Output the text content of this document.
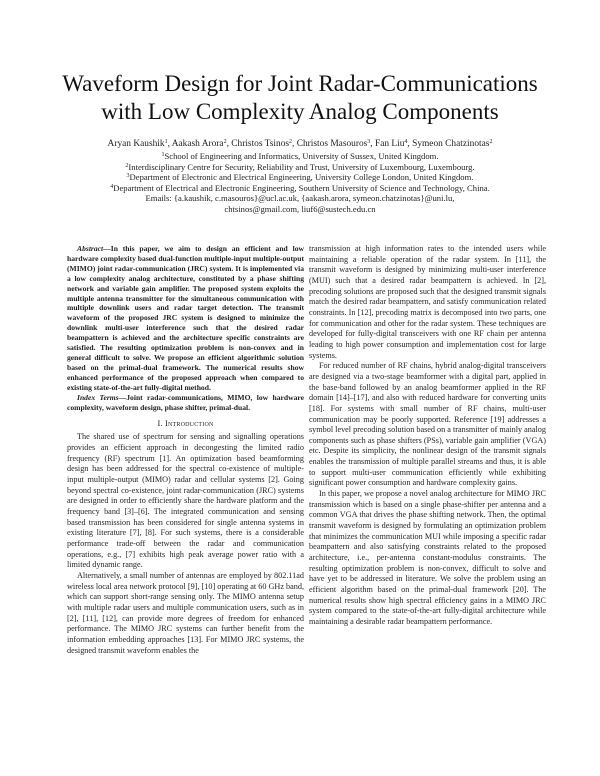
Waveform Design for Joint Radar-Communications
with Low Complexity Analog Components
Aryan Kaushik$^1$, Aakash Arora$^2$, Christos Tsinos$^2$, Christos Masouros$^3$, Fan Liu$^4$, Symeon Chatzinotas$^2$
$^1$School of Engineering and Informatics, University of Sussex, United Kingdom.
$^2$Interdisciplinary Centre for Security, Reliability and Trust, University of Luxembourg, Luxembourg.
$^3$Department of Electronic and Electrical Engineering, University College London, United Kingdom.
$^4$Department of Electrical and Electronic Engineering, Southern University of Science and Technology, China.
Emails: {a.kaushik, c.masouros}@ucl.ac.uk, {aakash.arora, symeon.chatzinotas}@uni.lu,
chtsinos@gmail.com, liuf6@sustech.edu.cn

Abstract—In this paper, we aim to design an efficient and low hardware complexity based dual-function multiple-input multiple-output (MIMO) joint radar-communication (JRC) system. It is implemented via a low complexity analog architecture, constituted by a phase shifting network and variable gain amplifier. The proposed system exploits the multiple antenna transmitter for the simultaneous communication with multiple downlink users and radar target detection. The transmit waveform of the proposed JRC system is designed to minimize the downlink multi-user interference such that the desired radar beampattern is achieved and the architecture specific constraints are satisfied. The resulting optimization problem is non-convex and in general difficult to solve. We propose an efficient algorithmic solution based on the primal-dual framework. The numerical results show enhanced performance of the proposed approach when compared to existing state-of-the-art fully-digital method.

Index Terms—Joint radar-communications, MIMO, low hardware complexity, waveform design, phase shifter, primal-dual.

I. Introduction

The shared use of spectrum for sensing and signalling operations provides an efficient approach in decongesting the limited radio frequency (RF) spectrum [1]. An optimization based beamforming design has been addressed for the spectral co-existence of multiple-input multiple-output (MIMO) radar and cellular systems [2]. Going beyond spectral co-existence, joint radar-communication (JRC) systems are designed in order to efficiently share the hardware platform and the frequency band [3]–[6]. The integrated communication and sensing based transmission has been considered for single antenna systems in existing literature [7], [8]. For such systems, there is a considerable performance trade-off between the radar and communication operations, e.g., [7] exhibits high peak average power ratio with a limited dynamic range.

Alternatively, a small number of antennas are employed by 802.11ad wireless local area network protocol [9], [10] operating at 60 GHz band, which can support short-range sensing only. The MIMO antenna setup with multiple radar users and multiple communication users, such as in [2], [11], [12], can provide more degrees of freedom for enhanced performance. The MIMO JRC systems can further benefit from the information embedding approaches [13]. For MIMO JRC systems, the designed transmit waveform enables the

transmission at high information rates to the intended users while maintaining a reliable operation of the radar system. In [11], the transmit waveform is designed by minimizing multi-user interference (MUI) such that a desired radar beampattern is achieved. In [2], precoding solutions are proposed such that the designed transmit signals match the desired radar beampattern, and satisfy communication related constraints. In [12], precoding matrix is decomposed into two parts, one for communication and other for the radar system. These techniques are developed for fully-digital transceivers with one RF chain per antenna leading to high power consumption and implementation cost for large systems.

For reduced number of RF chains, hybrid analog-digital transceivers are designed via a two-stage beamformer with a digital part, applied in the base-band followed by an analog beamformer applied in the RF domain [14]–[17], and also with reduced hardware for converting units [18]. For systems with small number of RF chains, multi-user communication may be poorly supported. Reference [19] addresses a symbol level precoding solution based on a transmitter of mainly analog components such as phase shifters (PSs), variable gain amplifier (VGA) etc. Despite its simplicity, the nonlinear design of the transmit signals enables the transmission of multiple parallel streams and thus, it is able to support multi-user communication efficiently while exhibiting significant power consumption and hardware complexity gains.

In this paper, we propose a novel analog architecture for MIMO JRC transmission which is based on a single phase-shifter per antenna and a common VGA that drives the phase shifting network. Then, the optimal transmit waveform is designed by formulating an optimization problem that minimizes the communication MUI while imposing a specific radar beampattern and also satisfying constraints related to the proposed architecture, i.e., per-antenna constant-modulus constraints. The resulting optimization problem is non-convex, difficult to solve and have yet to be addressed in literature. We solve the problem using an efficient algorithm based on the primal-dual framework [20]. The numerical results show high spectral efficiency gains in a MIMO JRC system compared to the state-of-the-art fully-digital architecture while maintaining a desirable radar beampattern performance.
